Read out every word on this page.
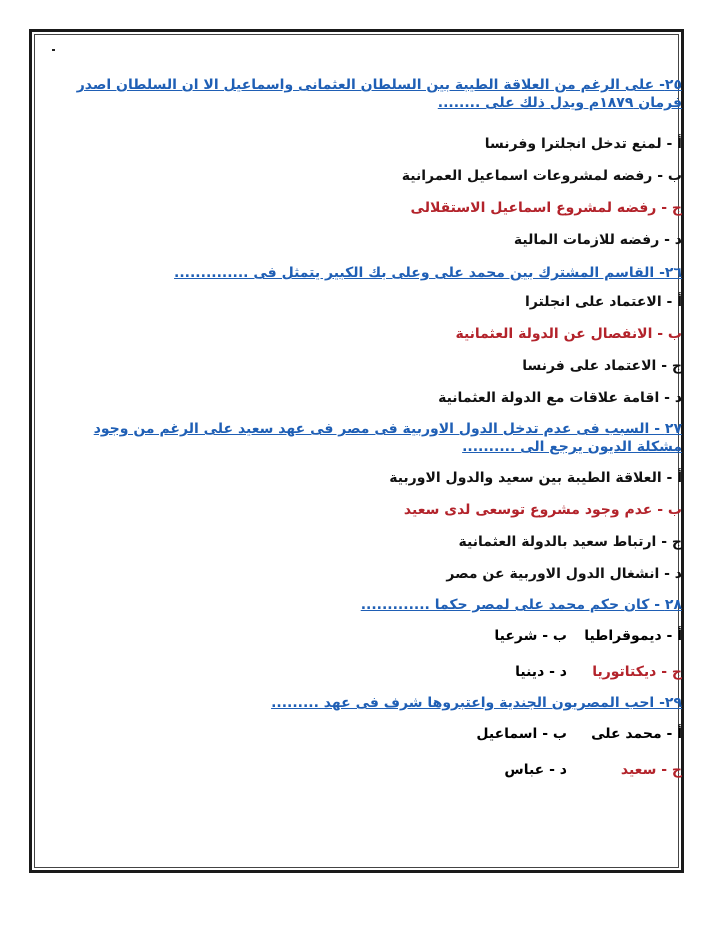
٢٥- على الرغم من العلاقة الطيبة بين السلطان العثمانى واسماعيل الا ان السلطان اصدر فرمان ١٨٧٩م ويدل ذلك على ........

أ - لمنع تدخل انجلترا وفرنسا
ب - رفضه لمشروعات اسماعيل العمرانية
ج - رفضه لمشروع اسماعيل الاستقلالى
د - رفضه للازمات المالية

٢٦- القاسم المشترك بين محمد على وعلى بك الكبير يتمثل فى ..............

أ - الاعتماد على انجلترا
ب - الانفصال عن الدولة العثمانية
ج - الاعتماد على فرنسا
د - اقامة علاقات مع الدولة العثمانية

٢٧ - السبب فى عدم تدخل الدول الاوربية فى مصر فى عهد سعيد على الرغم من وجود مشكلة الديون يرجع الى ..........

أ - العلاقة الطيبة بين سعيد والدول الاوربية
ب - عدم وجود مشروع توسعى لدى سعيد
ج - ارتباط سعيد بالدولة العثمانية
د - انشغال الدول الاوربية عن مصر

٢٨ - كان حكم محمد على لمصر حكما .............

أ - ديموقراطيا
ب - شرعيا
ج - ديكتاتوريا
د - دينيا

٢٩- احب المصريون الجندية واعتبروها شرف فى عهد .........

أ - محمد على
ب - اسماعيل
ج - سعيد
د - عباس
